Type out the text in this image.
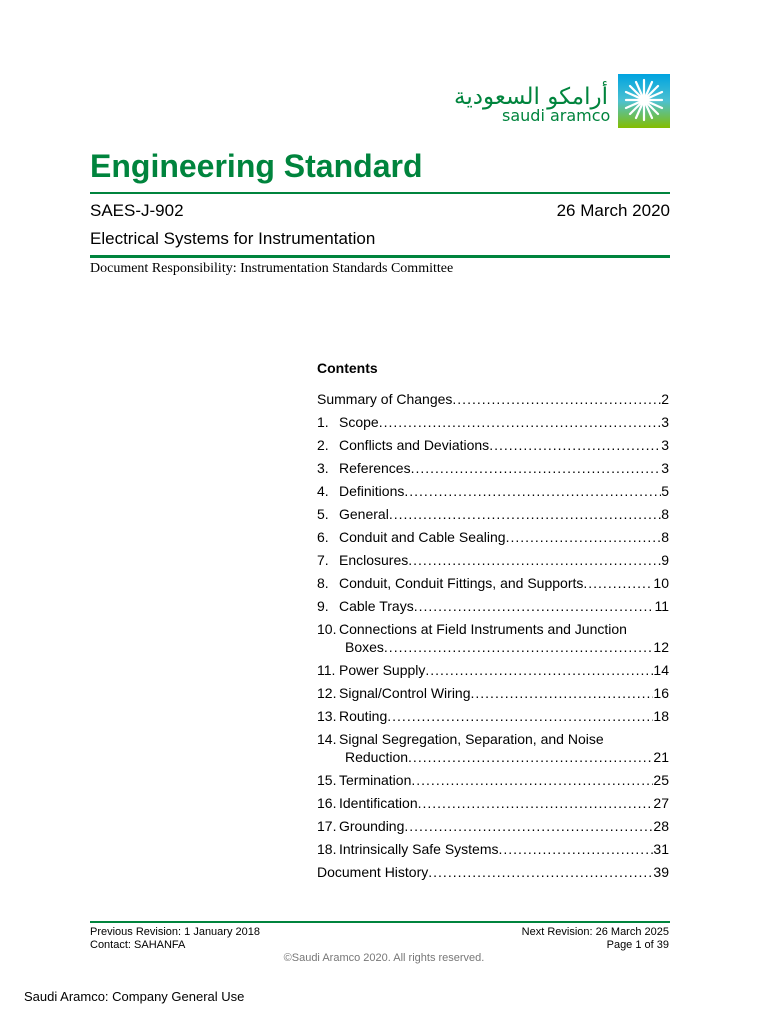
أرامكو السعودية
saudi aramco
Engineering Standard
SAES-J-902	26 March 2020
Electrical Systems for Instrumentation
Document Responsibility: Instrumentation Standards Committee
Contents
Summary of Changes .....	2
1. Scope .....	3
2. Conflicts and Deviations .....	3
3. References .....	3
4. Definitions .....	5
5. General .....	8
6. Conduit and Cable Sealing .....	8
7. Enclosures .....	9
8. Conduit, Conduit Fittings, and Supports .....	10
9. Cable Trays .....	11
10. Connections at Field Instruments and Junction
Boxes .....	12
11. Power Supply .....	14
12. Signal/Control Wiring .....	16
13. Routing .....	18
14. Signal Segregation, Separation, and Noise
Reduction .....	21
15. Termination .....	25
16. Identification .....	27
17. Grounding .....	28
18. Intrinsically Safe Systems .....	31
Document History .....	39
Previous Revision: 1 January 2018
Contact: SAHANFA
Next Revision: 26 March 2025
Page 1 of 39
©Saudi Aramco 2020. All rights reserved.
Saudi Aramco: Company General Use
